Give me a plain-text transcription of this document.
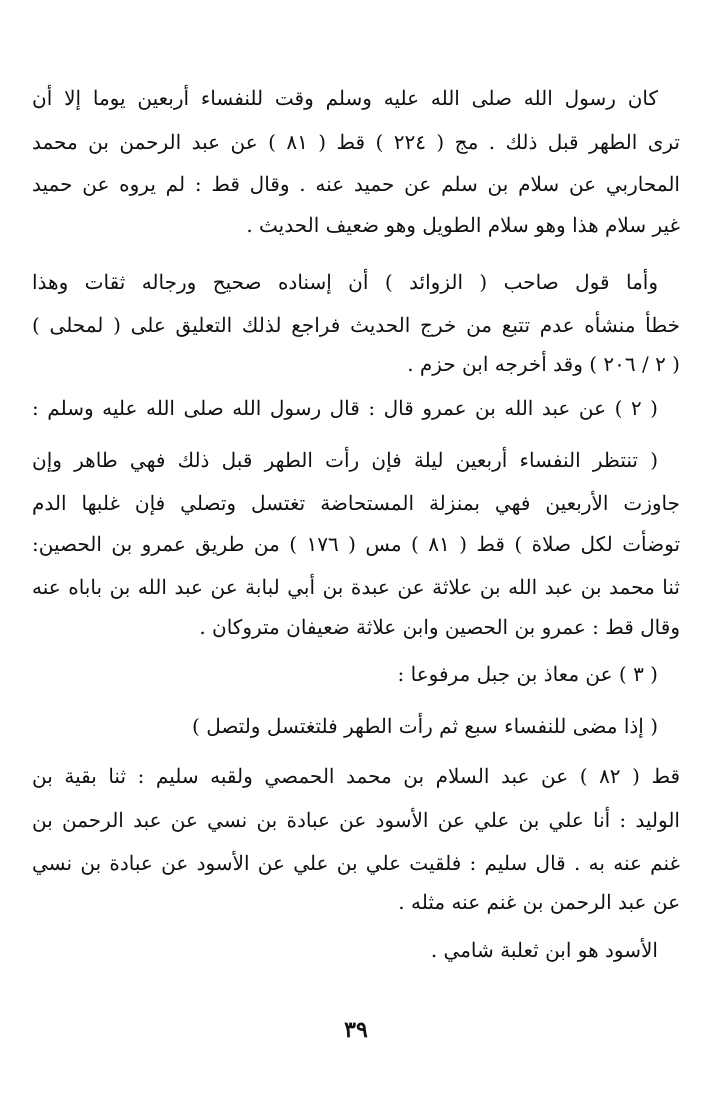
كان رسول الله صلى الله عليه وسلم وقت للنفساء أربعين يوما إلا أن
ترى الطهر قبل ذلك . مج ( ٢٢٤ ) قط ( ٨١ ) عن عبد الرحمن بن محمد
المحاربي عن سلام بن سلم عن حميد عنه . وقال قط : لم يروه عن حميد
غير سلام هذا وهو سلام الطويل وهو ضعيف الحديث .
وأما قول صاحب ( الزوائد ) أن إسناده صحيح ورجاله ثقات وهذا
خطأ منشأه عدم تتبع من خرج الحديث فراجع لذلك التعليق على ( لمحلى )
( ٢ / ٢٠٦ ) وقد أخرجه ابن حزم .
( ٢ ) عن عبد الله بن عمرو قال : قال رسول الله صلى الله عليه وسلم :
( تنتظر النفساء أربعين ليلة فإن رأت الطهر قبل ذلك فهي طاهر وإن
جاوزت الأربعين فهي بمنزلة المستحاضة تغتسل وتصلي فإن غلبها الدم
توضأت لكل صلاة ) قط ( ٨١ ) مس ( ١٧٦ ) من طريق عمرو بن الحصين:
ثنا محمد بن عبد الله بن علاثة عن عبدة بن أبي لبابة عن عبد الله بن باباه عنه
وقال قط : عمرو بن الحصين وابن علاثة ضعيفان متروكان .
( ٣ ) عن معاذ بن جبل مرفوعا :
( إذا مضى للنفساء سبع ثم رأت الطهر فلتغتسل ولتصل )
قط ( ٨٢ ) عن عبد السلام بن محمد الحمصي ولقبه سليم : ثنا بقية بن
الوليد : أنا علي بن علي عن الأسود عن عبادة بن نسي عن عبد الرحمن بن
غنم عنه به . قال سليم : فلقيت علي بن علي عن الأسود عن عبادة بن نسي
عن عبد الرحمن بن غنم عنه مثله .
الأسود هو ابن ثعلبة شامي .
٣٩
